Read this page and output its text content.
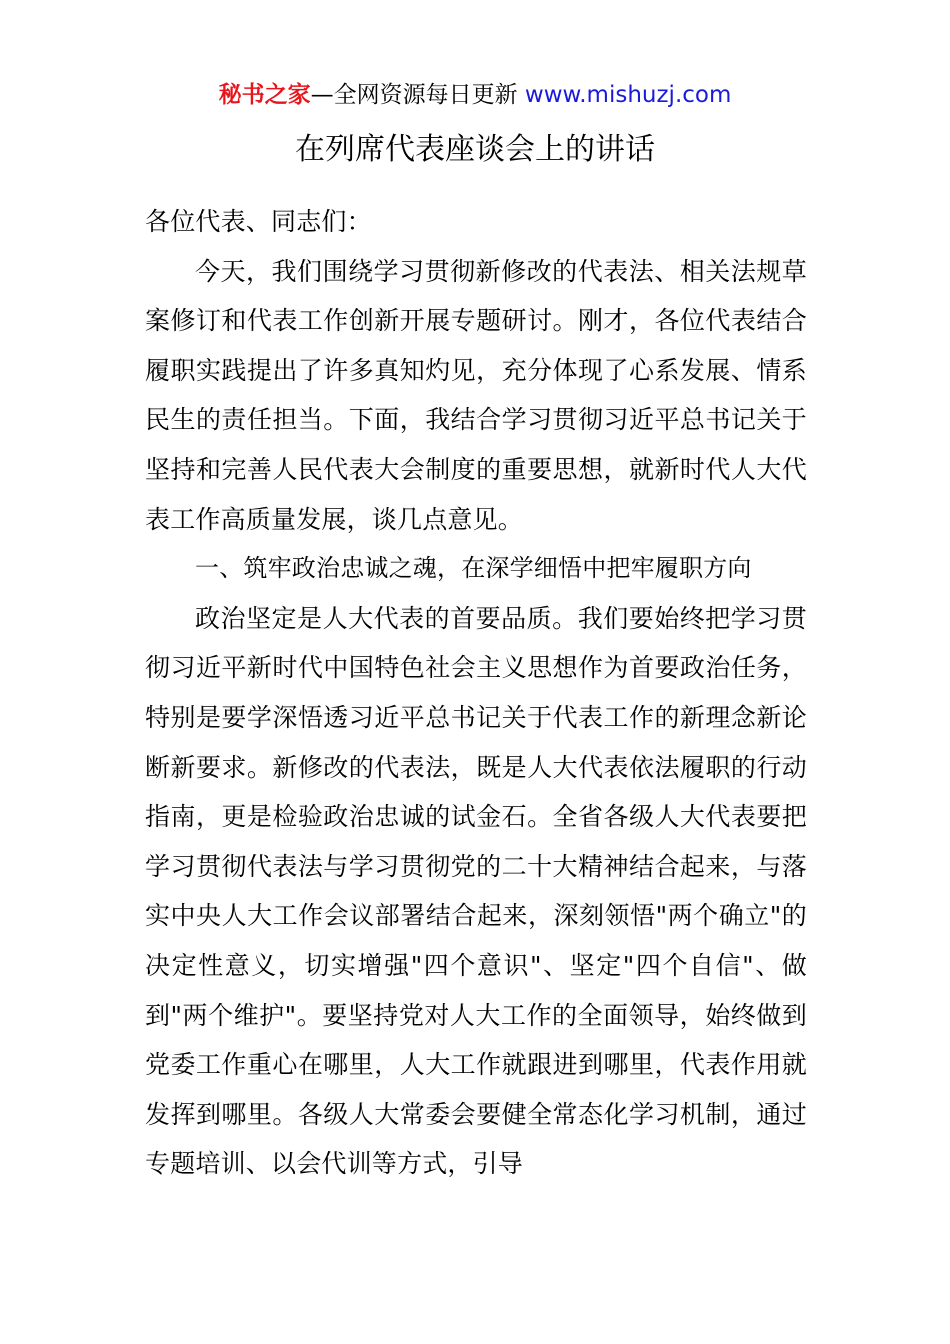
秘书之家—全网资源每日更新 www.mishuzj.com
在列席代表座谈会上的讲话

各位代表、同志们：

今天，我们围绕学习贯彻新修改的代表法、相关法规草案修订和代表工作创新开展专题研讨。刚才，各位代表结合履职实践提出了许多真知灼见，充分体现了心系发展、情系民生的责任担当。下面，我结合学习贯彻习近平总书记关于坚持和完善人民代表大会制度的重要思想，就新时代人大代表工作高质量发展，谈几点意见。

一、筑牢政治忠诚之魂，在深学细悟中把牢履职方向

政治坚定是人大代表的首要品质。我们要始终把学习贯彻习近平新时代中国特色社会主义思想作为首要政治任务，特别是要学深悟透习近平总书记关于代表工作的新理念新论断新要求。新修改的代表法，既是人大代表依法履职的行动指南，更是检验政治忠诚的试金石。全省各级人大代表要把学习贯彻代表法与学习贯彻党的二十大精神结合起来，与落实中央人大工作会议部署结合起来，深刻领悟"两个确立"的决定性意义，切实增强"四个意识"、坚定"四个自信"、做到"两个维护"。要坚持党对人大工作的全面领导，始终做到党委工作重心在哪里，人大工作就跟进到哪里，代表作用就发挥到哪里。各级人大常委会要健全常态化学习机制，通过专题培训、以会代训等方式，引导
